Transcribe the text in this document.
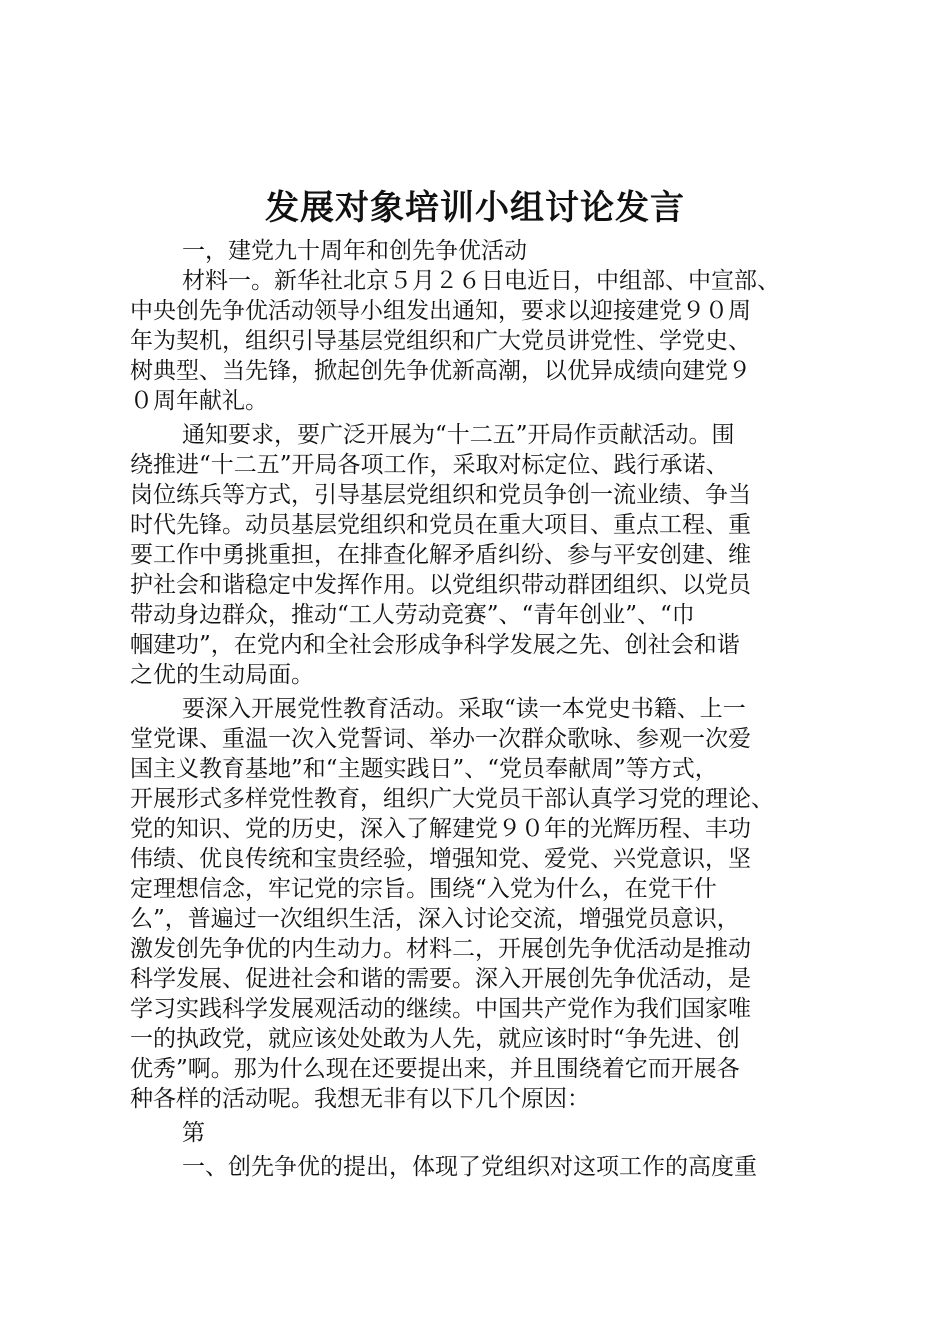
发展对象培训小组讨论发言
一，建党九十周年和创先争优活动
材料一。新华社北京５月２６日电近日，中组部、中宣部、
中央创先争优活动领导小组发出通知，要求以迎接建党９０周
年为契机，组织引导基层党组织和广大党员讲党性、学党史、
树典型、当先锋，掀起创先争优新高潮，以优异成绩向建党９
０周年献礼。
通知要求，要广泛开展为“十二五”开局作贡献活动。围
绕推进“十二五”开局各项工作，采取对标定位、践行承诺、
岗位练兵等方式，引导基层党组织和党员争创一流业绩、争当
时代先锋。动员基层党组织和党员在重大项目、重点工程、重
要工作中勇挑重担，在排查化解矛盾纠纷、参与平安创建、维
护社会和谐稳定中发挥作用。以党组织带动群团组织、以党员
带动身边群众，推动“工人劳动竞赛”、“青年创业”、“巾
帼建功”，在党内和全社会形成争科学发展之先、创社会和谐
之优的生动局面。
要深入开展党性教育活动。采取“读一本党史书籍、上一
堂党课、重温一次入党誓词、举办一次群众歌咏、参观一次爱
国主义教育基地”和“主题实践日”、“党员奉献周”等方式，
开展形式多样党性教育，组织广大党员干部认真学习党的理论、
党的知识、党的历史，深入了解建党９０年的光辉历程、丰功
伟绩、优良传统和宝贵经验，增强知党、爱党、兴党意识，坚
定理想信念，牢记党的宗旨。围绕“入党为什么，在党干什
么”，普遍过一次组织生活，深入讨论交流，增强党员意识，
激发创先争优的内生动力。材料二，开展创先争优活动是推动
科学发展、促进社会和谐的需要。深入开展创先争优活动，是
学习实践科学发展观活动的继续。中国共产党作为我们国家唯
一的执政党，就应该处处敢为人先，就应该时时“争先进、创
优秀”啊。那为什么现在还要提出来，并且围绕着它而开展各
种各样的活动呢。我想无非有以下几个原因：
第
一、创先争优的提出，体现了党组织对这项工作的高度重
